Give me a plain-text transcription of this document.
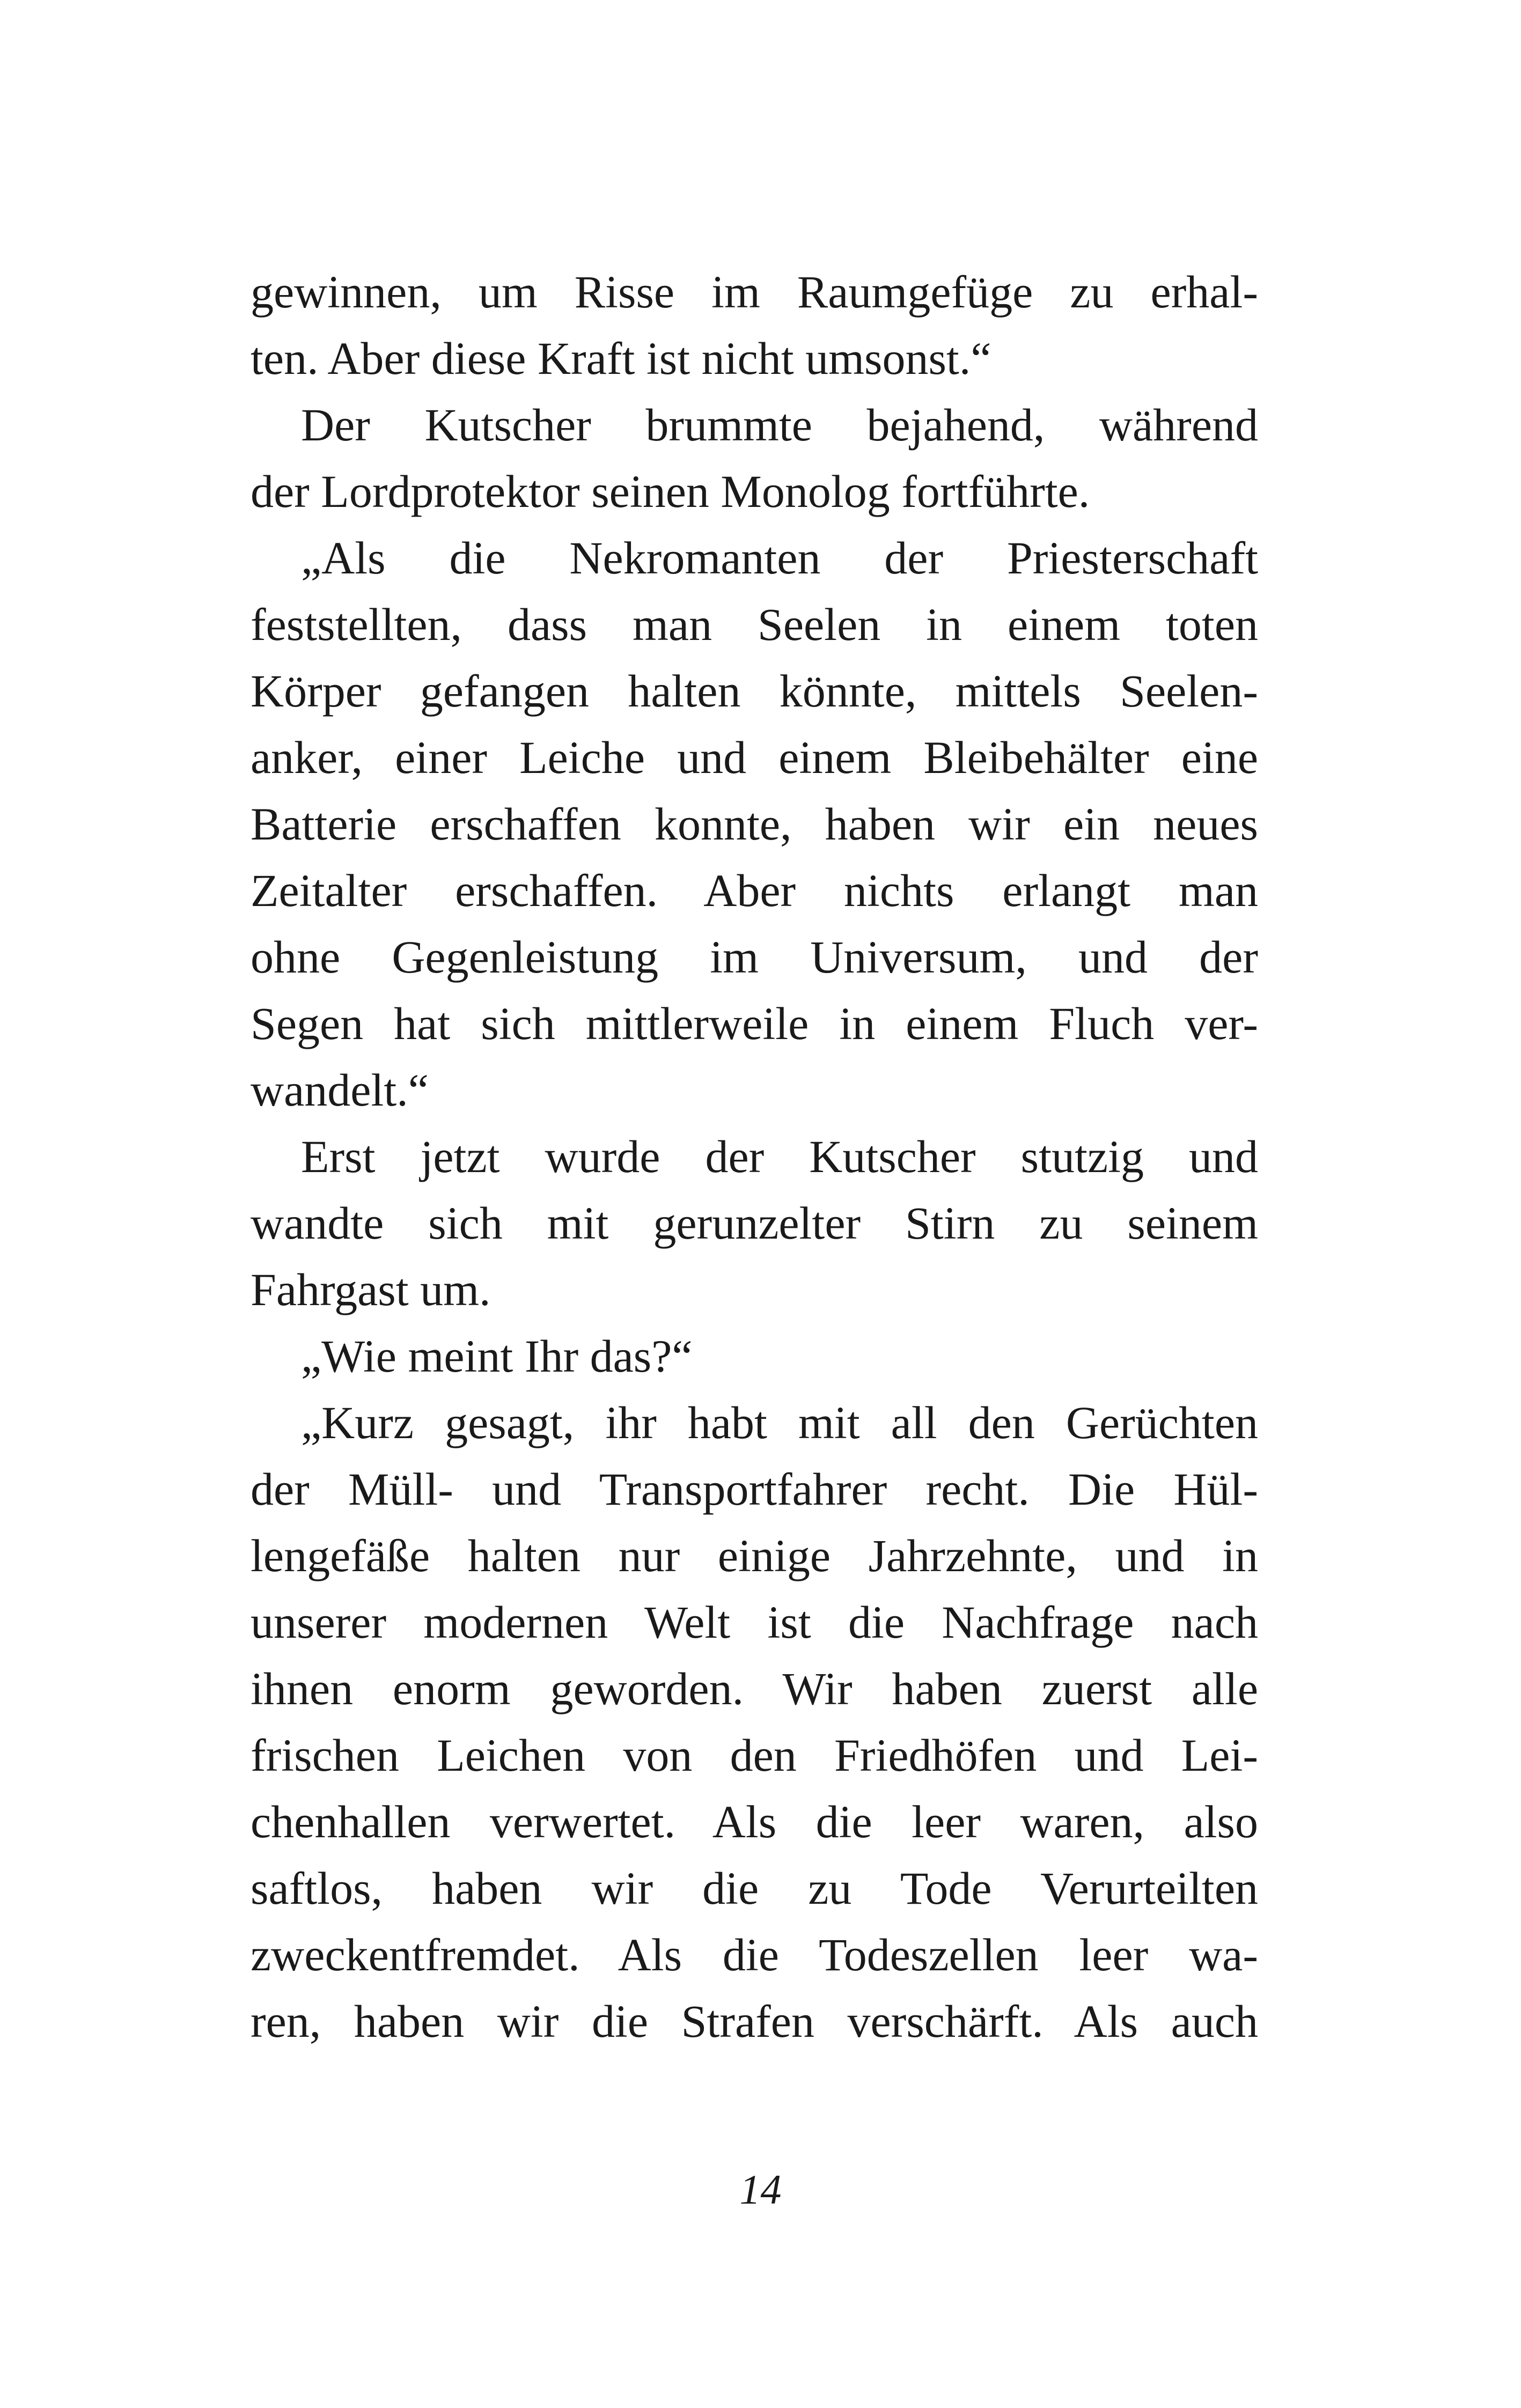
gewinnen, um Risse im Raumgefüge zu erhal-
ten. Aber diese Kraft ist nicht umsonst.“
Der Kutscher brummte bejahend, während
der Lordprotektor seinen Monolog fortführte.
„Als die Nekromanten der Priesterschaft
feststellten, dass man Seelen in einem toten
Körper gefangen halten könnte, mittels Seelen-
anker, einer Leiche und einem Bleibehälter eine
Batterie erschaffen konnte, haben wir ein neues
Zeitalter erschaffen. Aber nichts erlangt man
ohne Gegenleistung im Universum, und der
Segen hat sich mittlerweile in einem Fluch ver-
wandelt.“
Erst jetzt wurde der Kutscher stutzig und
wandte sich mit gerunzelter Stirn zu seinem
Fahrgast um.
„Wie meint Ihr das?“
„Kurz gesagt, ihr habt mit all den Gerüchten
der Müll- und Transportfahrer recht. Die Hül-
lengefäße halten nur einige Jahrzehnte, und in
unserer modernen Welt ist die Nachfrage nach
ihnen enorm geworden. Wir haben zuerst alle
frischen Leichen von den Friedhöfen und Lei-
chenhallen verwertet. Als die leer waren, also
saftlos, haben wir die zu Tode Verurteilten
zweckentfremdet. Als die Todeszellen leer wa-
ren, haben wir die Strafen verschärft. Als auch
14
